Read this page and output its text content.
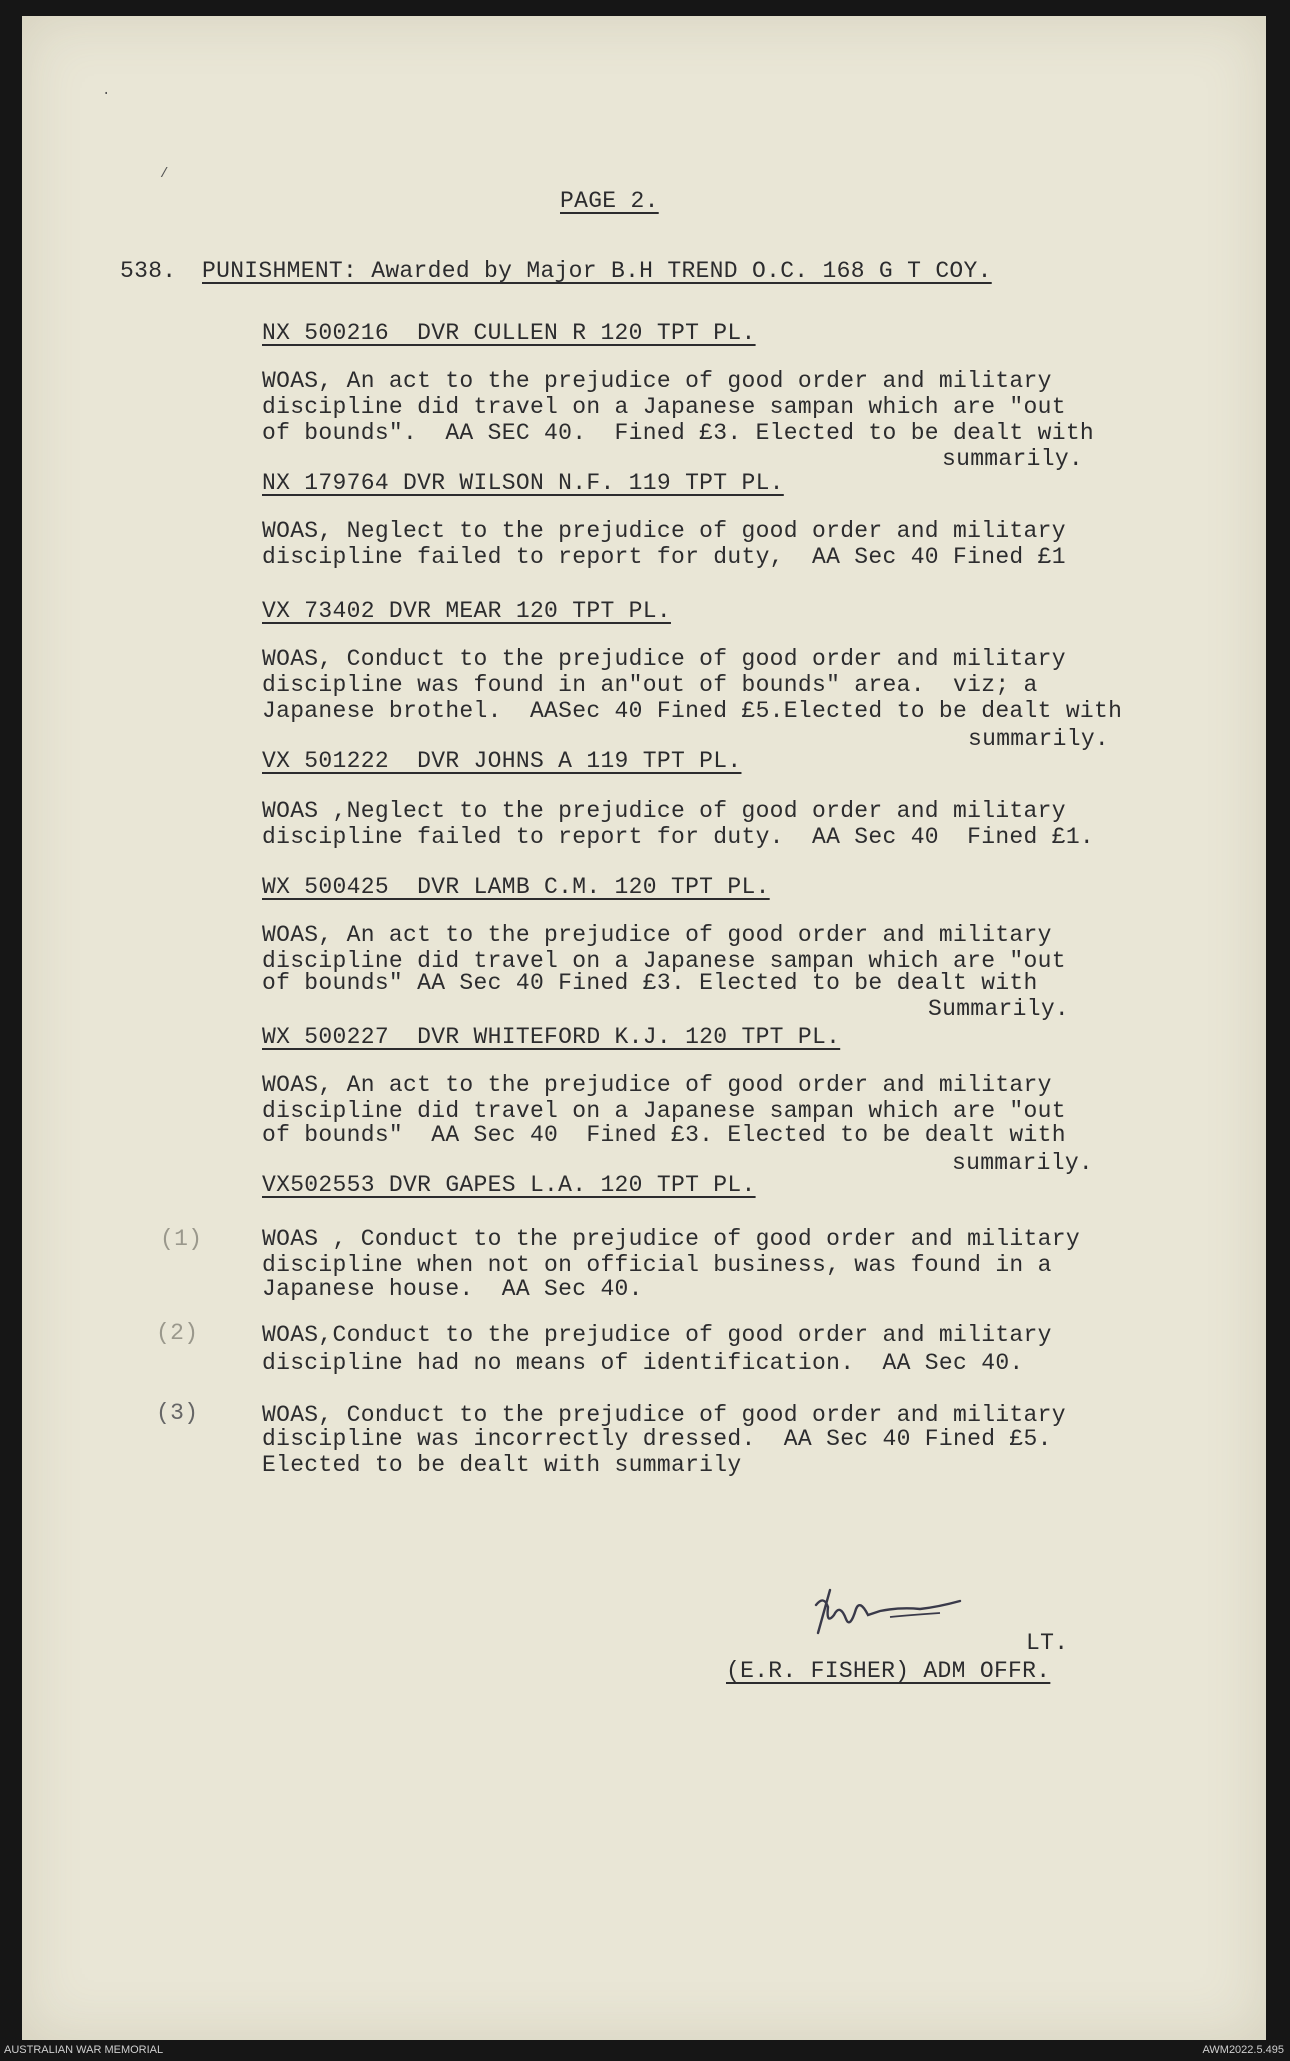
·
/
PAGE 2.
538. PUNISHMENT: Awarded by Major B.H TREND O.C. 168 G T COY.
NX 500216  DVR CULLEN R 120 TPT PL.
WOAS, An act to the prejudice of good order and military
discipline did travel on a Japanese sampan which are "out
of bounds".  AA SEC 40.  Fined £3. Elected to be dealt with
summarily.
NX 179764 DVR WILSON N.F. 119 TPT PL.
WOAS, Neglect to the prejudice of good order and military
discipline failed to report for duty,  AA Sec 40 Fined £1
VX 73402 DVR MEAR 120 TPT PL.
WOAS, Conduct to the prejudice of good order and military
discipline was found in an"out of bounds" area.  viz; a
Japanese brothel.  AASec 40 Fined £5.Elected to be dealt with
summarily.
VX 501222  DVR JOHNS A 119 TPT PL.
WOAS ,Neglect to the prejudice of good order and military
discipline failed to report for duty.  AA Sec 40  Fined £1.
WX 500425  DVR LAMB C.M. 120 TPT PL.
WOAS, An act to the prejudice of good order and military
discipline did travel on a Japanese sampan which are "out
of bounds" AA Sec 40 Fined £3. Elected to be dealt with
Summarily.
WX 500227  DVR WHITEFORD K.J. 120 TPT PL.
WOAS, An act to the prejudice of good order and military
discipline did travel on a Japanese sampan which are "out
of bounds"  AA Sec 40  Fined £3. Elected to be dealt with
summarily.
VX502553 DVR GAPES L.A. 120 TPT PL.
(1)	WOAS , Conduct to the prejudice of good order and military
discipline when not on official business, was found in a
Japanese house.  AA Sec 40.
(2)	WOAS,Conduct to the prejudice of good order and military
discipline had no means of identification.  AA Sec 40.
(3)	WOAS, Conduct to the prejudice of good order and military
discipline was incorrectly dressed.  AA Sec 40 Fined £5.
Elected to be dealt with summarily
LT.
(E.R. FISHER) ADM OFFR.
AUSTRALIAN WAR MEMORIAL	AWM2022.5.495
